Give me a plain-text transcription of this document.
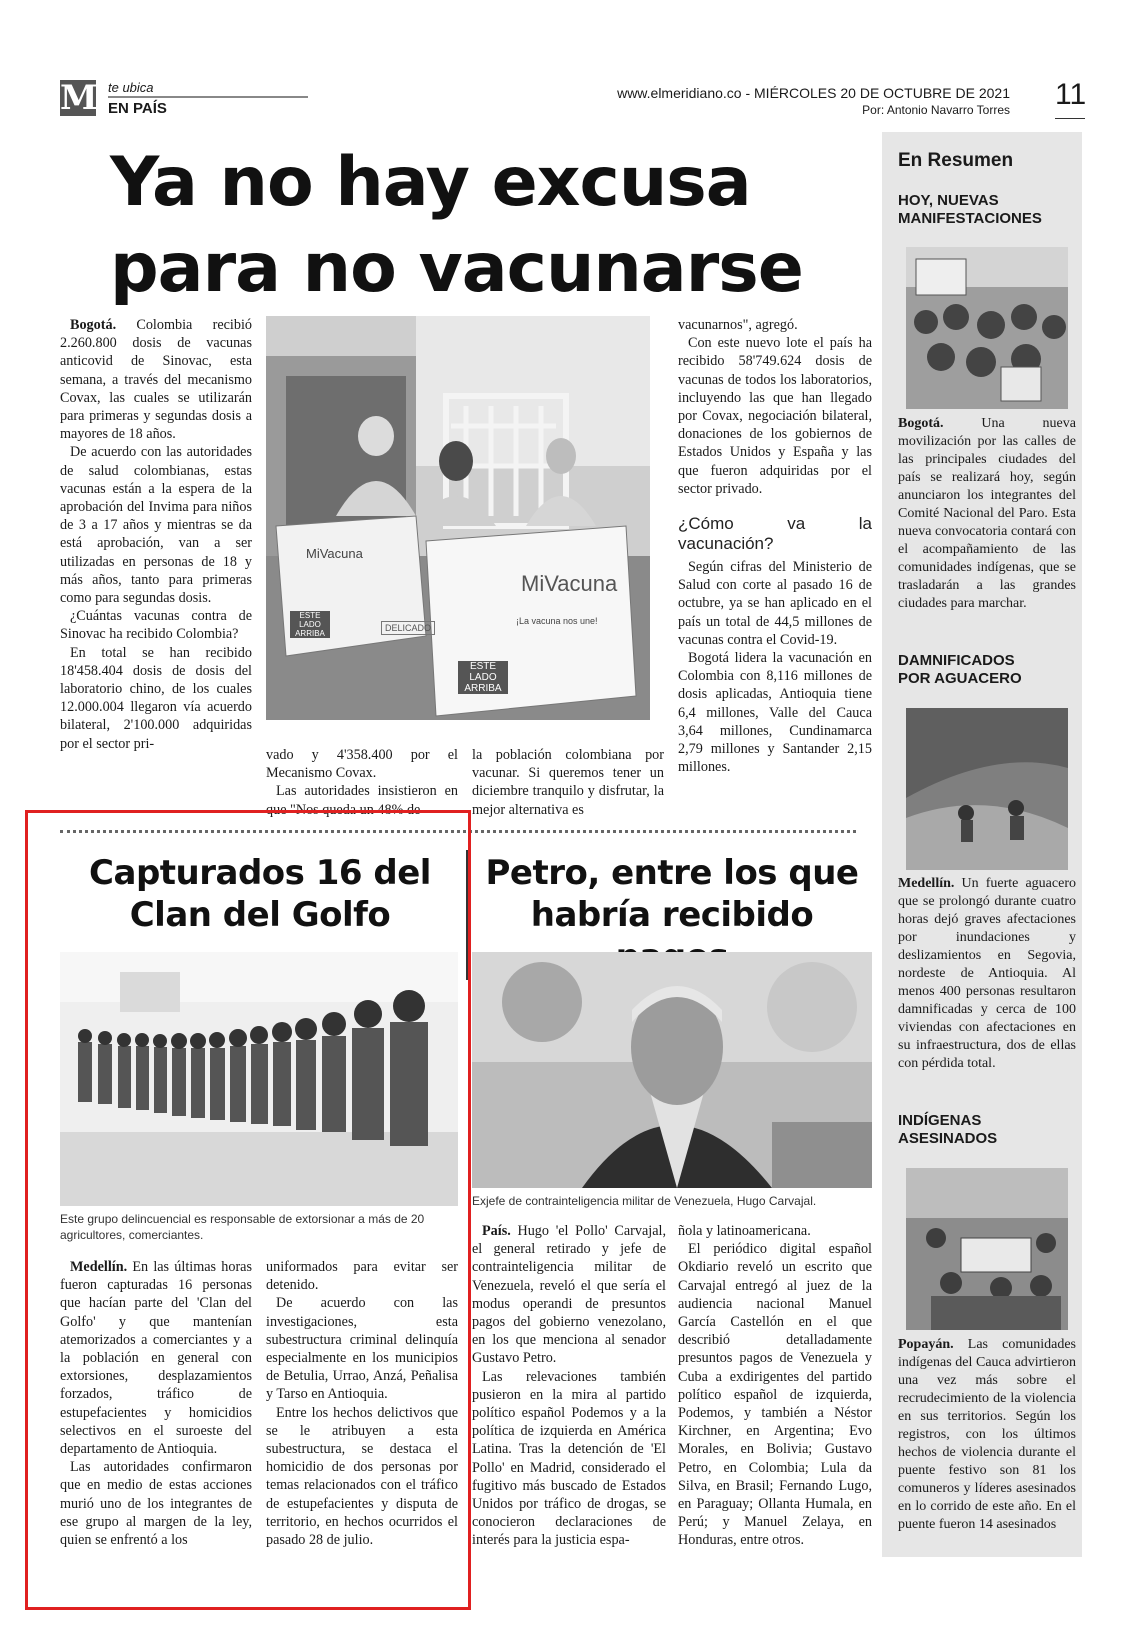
M te ubica
EN PAÍS
www.elmeridiano.co - MIÉRCOLES 20 DE OCTUBRE DE 2021
Por: Antonio Navarro Torres 11
Ya no hay excusa
para no vacunarse

Bogotá. Colombia recibió 2.260.800 dosis de vacunas anticovid de Sinovac, esta semana, a través del mecanismo Covax, las cuales se utilizarán para primeras y segundas dosis a mayores de 18 años.

De acuerdo con las autoridades de salud colombianas, estas vacunas están a la espera de la aprobación del Invima para niños de 3 a 17 años y mientras se da está aprobación, van a ser utilizadas en personas de 18 y más años, tanto para primeras como para segundas dosis.

¿Cuántas vacunas contra de Sinovac ha recibido Colombia?

En total se han recibido 18'458.404 dosis de dosis del laboratorio chino, de los cuales 12.000.004 llegaron vía acuerdo bilateral, 2'100.000 adquiridas por el sector pri-

MiVacuna
MiVacuna
¡La vacuna nos une!
ESTE LADO ARRIBA
ESTE LADO ARRIBA
DELICADO

vado y 4'358.400 por el Mecanismo Covax.

Las autoridades insistieron en que "Nos queda un 48% de

la población colombiana por vacunar. Si queremos tener un diciembre tranquilo y disfrutar, la mejor alternativa es

vacunarnos", agregó.

Con este nuevo lote el país ha recibido 58'749.624 dosis de vacunas de todos los laboratorios, incluyendo las que han llegado por Covax, negociación bilateral, donaciones de los gobiernos de Estados Unidos y España y las que fueron adquiridas por el sector privado.

¿Cómo va la vacunación?

Según cifras del Ministerio de Salud con corte al pasado 16 de octubre, ya se han aplicado en el país un total de 44,5 millones de vacunas contra el Covid-19.

Bogotá lidera la vacunación en Colombia con 8,116 millones de dosis aplicadas, Antioquia tiene 6,4 millones, Valle del Cauca 3,64 millones, Cundinamarca 2,79 millones y Santander 2,15 millones.

Capturados 16 del
Clan del Golfo
Este grupo delincuencial es responsable de extorsionar a más de 20 agricultores, comerciantes.

Medellín. En las últimas horas fueron capturadas 16 personas que hacían parte del 'Clan del Golfo' y que mantenían atemorizados a comerciantes y a la población en general con extorsiones, desplazamientos forzados, tráfico de estupefacientes y homicidios selectivos en el suroeste del departamento de Antioquia.

Las autoridades confirmaron que en medio de estas acciones murió uno de los integrantes de ese grupo al margen de la ley, quien se enfrentó a los

uniformados para evitar ser detenido.

De acuerdo con las investigaciones, esta subestructura criminal delinquía especialmente en los municipios de Betulia, Urrao, Anzá, Peñalisa y Tarso en Antioquia.

Entre los hechos delictivos que se le atribuyen a esta subestructura, se destaca el homicidio de dos personas por temas relacionados con el tráfico de estupefacientes y disputa de territorio, en hechos ocurridos el pasado 28 de julio.

Petro, entre los que
habría recibido
Exjefe de contrainteligencia militar de Venezuela, Hugo Carvajal.

País. Hugo 'el Pollo' Carvajal, el general retirado y jefe de contrainteligencia militar de Venezuela, reveló el que sería el modus operandi de presuntos pagos del gobierno venezolano, en los que menciona al senador Gustavo Petro.

Las relevaciones también pusieron en la mira al partido político español Podemos y a la política de izquierda en América Latina. Tras la detención de 'El Pollo' en Madrid, considerado el fugitivo más buscado de Estados Unidos por tráfico de drogas, se conocieron declaraciones de interés para la justicia espa-

ñola y latinoamericana.

El periódico digital español Okdiario reveló un escrito que Carvajal entregó al juez de la audiencia nacional Manuel García Castellón en el que describió detalladamente presuntos pagos de Venezuela y Cuba a exdirigentes del partido político español de izquierda, Podemos, y también a Néstor Kirchner, en Argentina; Evo Morales, en Bolivia; Gustavo Petro, en Colombia; Lula da Silva, en Brasil; Fernando Lugo, en Paraguay; Ollanta Humala, en Perú; y Manuel Zelaya, en Honduras, entre otros.

En Resumen
HOY, NUEVAS
MANIFESTACIONES
Bogotá. Una nueva movilización por las calles de las principales ciudades del país se realizará hoy, según anunciaron los integrantes del Comité Nacional del Paro. Esta nueva convocatoria contará con el acompañamiento de las comunidades indígenas, que se trasladarán a las grandes ciudades para marchar.
DAMNIFICADOS
POR AGUACERO
Medellín. Un fuerte aguacero que se prolongó durante cuatro horas dejó graves afectaciones por inundaciones y deslizamientos en Segovia, nordeste de Antioquia. Al menos 400 personas resultaron damnificadas y cerca de 100 viviendas con afectaciones en su infraestructura, dos de ellas con pérdida total.
INDÍGENAS
ASESINADOS
Popayán. Las comunidades indígenas del Cauca advirtieron una vez más sobre el recrudecimiento de la violencia en sus territorios. Según los registros, con los últimos hechos de violencia durante el puente festivo son 81 los comuneros y líderes asesinados en lo corrido de este año. En el puente fueron 14 asesinados
